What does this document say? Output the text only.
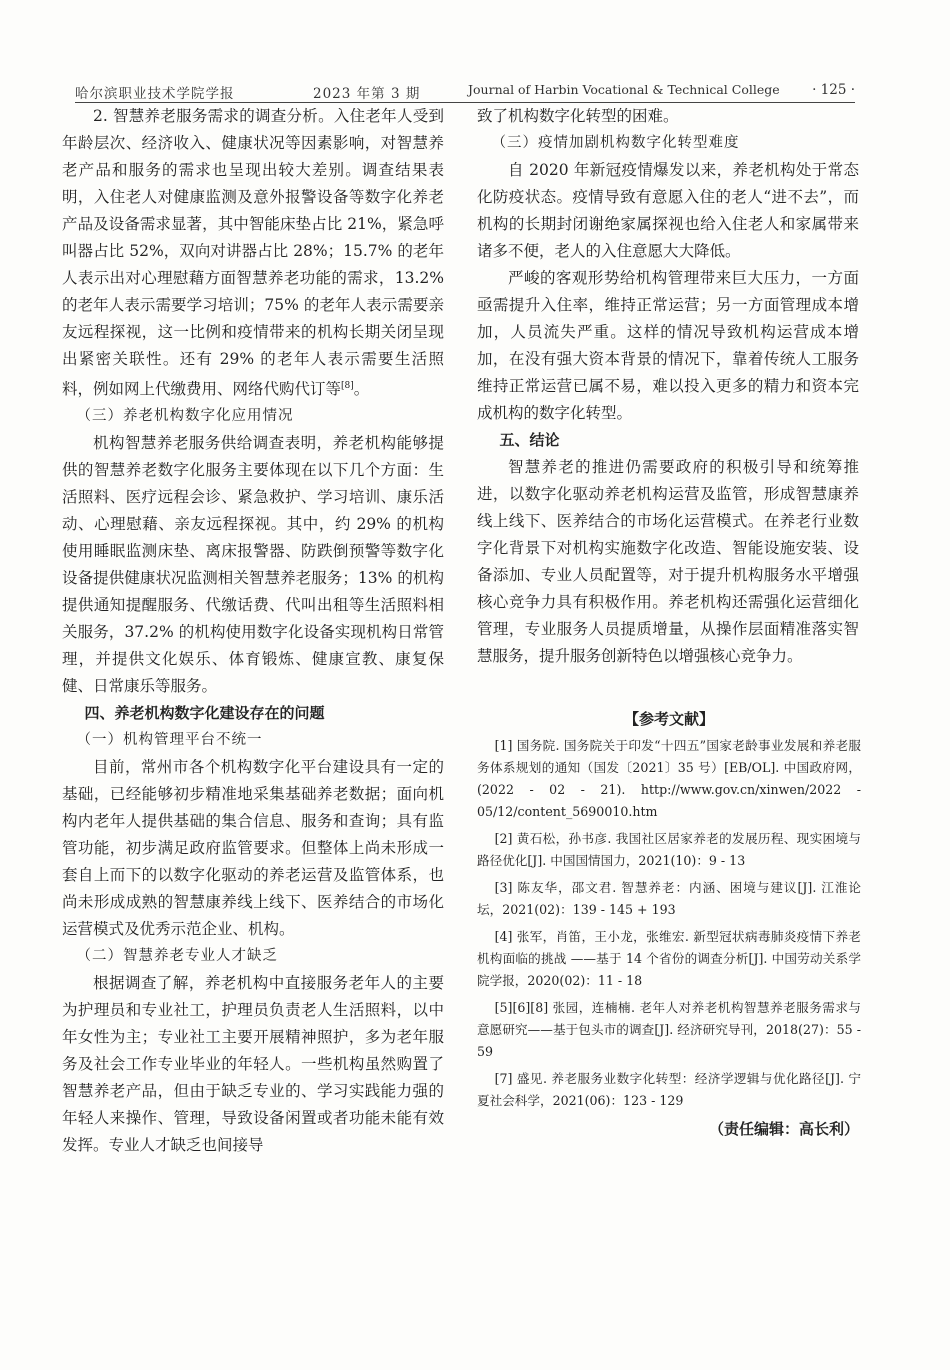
哈尔滨职业技术学院学报	2023 年第 3 期	Journal of Harbin Vocational & Technical College · 125 ·

2. 智慧养老服务需求的调查分析。入住老年人受到年龄层次、经济收入、健康状况等因素影响，对智慧养老产品和服务的需求也呈现出较大差别。调查结果表明，入住老人对健康监测及意外报警设备等数字化养老产品及设备需求显著，其中智能床垫占比 21%，紧急呼叫器占比 52%，双向对讲器占比 28%；15.7% 的老年人表示出对心理慰藉方面智慧养老功能的需求，13.2% 的老年人表示需要学习培训；75% 的老年人表示需要亲友远程探视，这一比例和疫情带来的机构长期关闭呈现出紧密关联性。还有 29% 的老年人表示需要生活照料，例如网上代缴费用、网络代购代订等[8]。

（三）养老机构数字化应用情况

机构智慧养老服务供给调查表明，养老机构能够提供的智慧养老数字化服务主要体现在以下几个方面：生活照料、医疗远程会诊、紧急救护、学习培训、康乐活动、心理慰藉、亲友远程探视。其中，约 29% 的机构使用睡眠监测床垫、离床报警器、防跌倒预警等数字化设备提供健康状况监测相关智慧养老服务；13% 的机构提供通知提醒服务、代缴话费、代叫出租等生活照料相关服务，37.2% 的机构使用数字化设备实现机构日常管理，并提供文化娱乐、体育锻炼、健康宣教、康复保健、日常康乐等服务。

四、养老机构数字化建设存在的问题

（一）机构管理平台不统一

目前，常州市各个机构数字化平台建设具有一定的基础，已经能够初步精准地采集基础养老数据；面向机构内老年人提供基础的集合信息、服务和查询；具有监管功能，初步满足政府监管要求。但整体上尚未形成一套自上而下的以数字化驱动的养老运营及监管体系，也尚未形成成熟的智慧康养线上线下、医养结合的市场化运营模式及优秀示范企业、机构。

（二）智慧养老专业人才缺乏

根据调查了解，养老机构中直接服务老年人的主要为护理员和专业社工，护理员负责老人生活照料，以中年女性为主；专业社工主要开展精神照护，多为老年服务及社会工作专业毕业的年轻人。一些机构虽然购置了智慧养老产品，但由于缺乏专业的、学习实践能力强的年轻人来操作、管理，导致设备闲置或者功能未能有效发挥。专业人才缺乏也间接导

致了机构数字化转型的困难。

（三）疫情加剧机构数字化转型难度

自 2020 年新冠疫情爆发以来，养老机构处于常态化防疫状态。疫情导致有意愿入住的老人“进不去”，而机构的长期封闭谢绝家属探视也给入住老人和家属带来诸多不便，老人的入住意愿大大降低。

严峻的客观形势给机构管理带来巨大压力，一方面亟需提升入住率，维持正常运营；另一方面管理成本增加，人员流失严重。这样的情况导致机构运营成本增加，在没有强大资本背景的情况下，靠着传统人工服务维持正常运营已属不易，难以投入更多的精力和资本完成机构的数字化转型。

五、结论

智慧养老的推进仍需要政府的积极引导和统筹推进，以数字化驱动养老机构运营及监管，形成智慧康养线上线下、医养结合的市场化运营模式。在养老行业数字化背景下对机构实施数字化改造、智能设施安装、设备添加、专业人员配置等，对于提升机构服务水平增强核心竞争力具有积极作用。养老机构还需强化运营细化管理，专业服务人员提质增量，从操作层面精准落实智慧服务，提升服务创新特色以增强核心竞争力。

【参考文献】

[1] 国务院. 国务院关于印发“十四五”国家老龄事业发展和养老服务体系规划的通知（国发〔2021〕35 号）[EB/OL]. 中国政府网，(2022 - 02 - 21). http://www.gov.cn/xinwen/2022 - 05/12/content_5690010.htm

[2] 黄石松，孙书彦. 我国社区居家养老的发展历程、现实困境与路径优化[J]. 中国国情国力，2021(10)：9 - 13

[3] 陈友华，邵文君. 智慧养老：内涵、困境与建议[J]. 江淮论坛，2021(02)：139 - 145 + 193

[4] 张军，肖笛，王小龙，张维宏. 新型冠状病毒肺炎疫情下养老机构面临的挑战 ——基于 14 个省份的调查分析[J]. 中国劳动关系学院学报，2020(02)：11 - 18

[5][6][8] 张园，连楠楠. 老年人对养老机构智慧养老服务需求与意愿研究——基于包头市的调查[J]. 经济研究导刊，2018(27)：55 - 59

[7] 盛见. 养老服务业数字化转型：经济学逻辑与优化路径[J]. 宁夏社会科学，2021(06)：123 - 129

（责任编辑：高长利）
